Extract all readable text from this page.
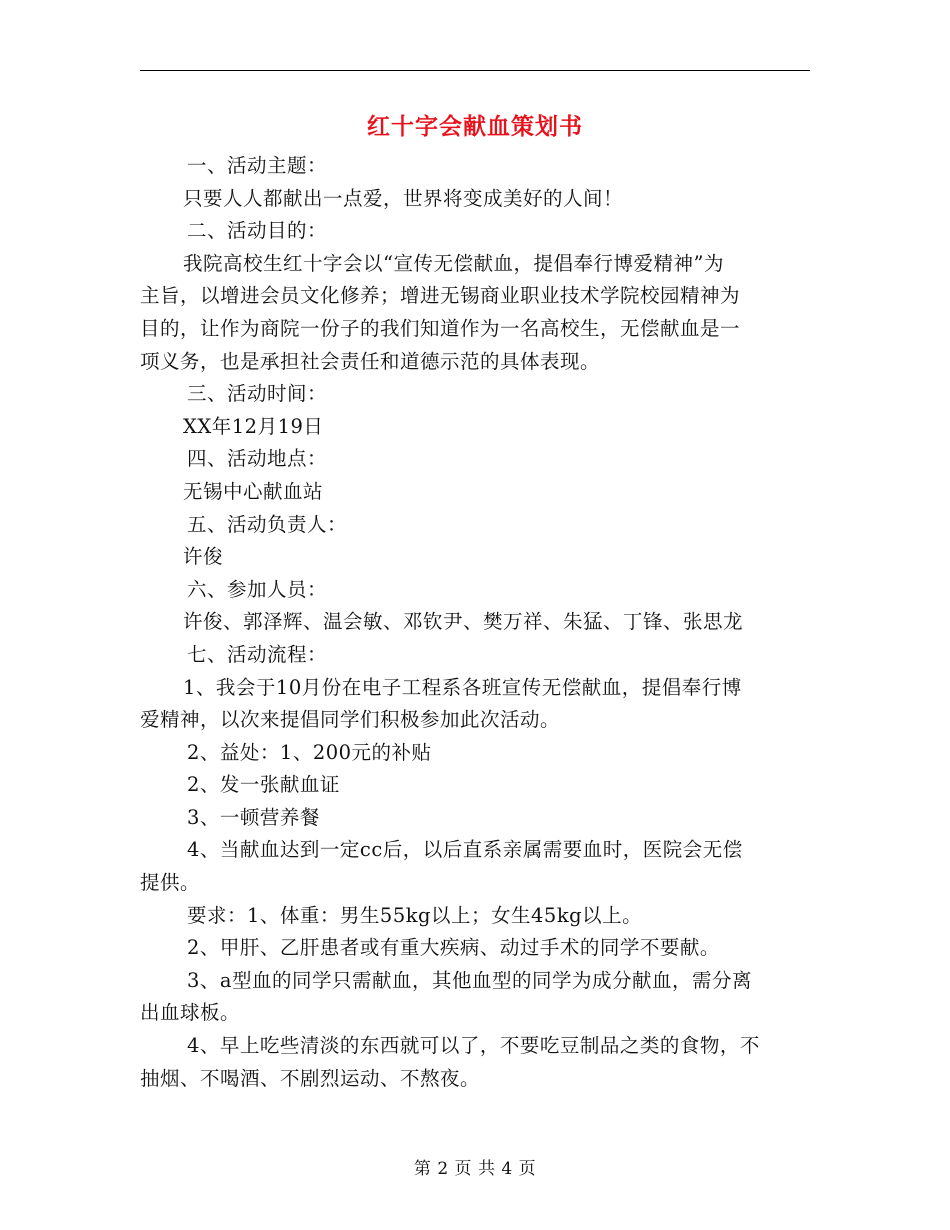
红十字会献血策划书

一、活动主题：

只要人人都献出一点爱，世界将变成美好的人间！

二、活动目的：

我院高校生红十字会以“宣传无偿献血，提倡奉行博爱精神”为

主旨，以增进会员文化修养；增进无锡商业职业技术学院校园精神为

目的，让作为商院一份子的我们知道作为一名高校生，无偿献血是一

项义务，也是承担社会责任和道德示范的具体表现。

三、活动时间：

XX年12月19日

四、活动地点：

无锡中心献血站

五、活动负责人：

许俊

六、参加人员：

许俊、郭泽辉、温会敏、邓钦尹、樊万祥、朱猛、丁锋、张思龙

七、活动流程：

1、我会于10月份在电子工程系各班宣传无偿献血，提倡奉行博

爱精神，以次来提倡同学们积极参加此次活动。

2、益处：1、200元的补贴

2、发一张献血证

3、一顿营养餐

4、当献血达到一定cc后，以后直系亲属需要血时，医院会无偿

提供。

要求：1、体重：男生55kg以上；女生45kg以上。

2、甲肝、乙肝患者或有重大疾病、动过手术的同学不要献。

3、a型血的同学只需献血，其他血型的同学为成分献血，需分离

出血球板。

4、早上吃些清淡的东西就可以了，不要吃豆制品之类的食物，不

抽烟、不喝酒、不剧烈运动、不熬夜。

第 2 页 共 4 页
